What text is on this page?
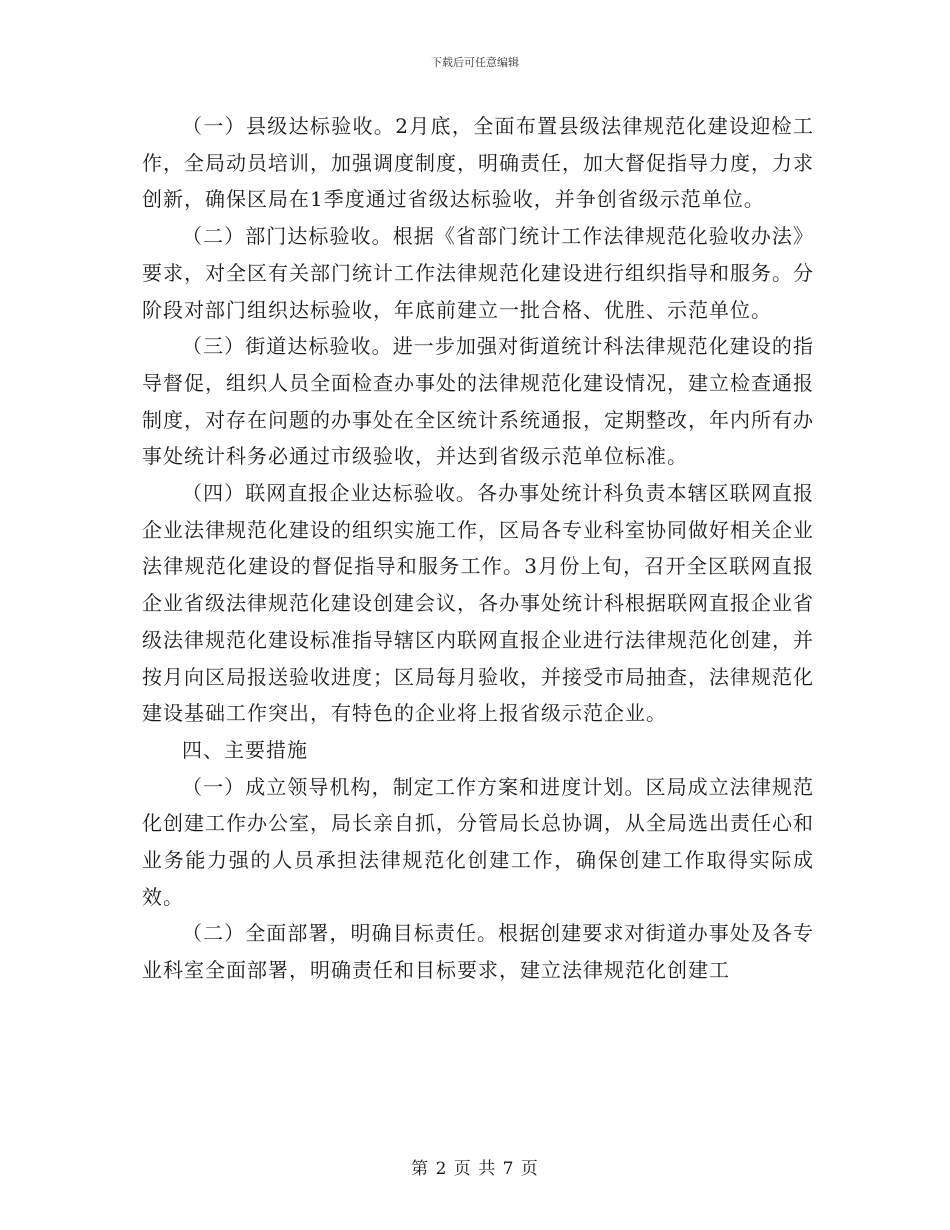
下载后可任意编辑

（一）县级达标验收。2月底，全面布置县级法律规范化建设迎检工作，全局动员培训，加强调度制度，明确责任，加大督促指导力度，力求创新，确保区局在1季度通过省级达标验收，并争创省级示范单位。

（二）部门达标验收。根据《省部门统计工作法律规范化验收办法》要求，对全区有关部门统计工作法律规范化建设进行组织指导和服务。分阶段对部门组织达标验收，年底前建立一批合格、优胜、示范单位。

（三）街道达标验收。进一步加强对街道统计科法律规范化建设的指导督促，组织人员全面检查办事处的法律规范化建设情况，建立检查通报制度，对存在问题的办事处在全区统计系统通报，定期整改，年内所有办事处统计科务必通过市级验收，并达到省级示范单位标准。

（四）联网直报企业达标验收。各办事处统计科负责本辖区联网直报企业法律规范化建设的组织实施工作，区局各专业科室协同做好相关企业法律规范化建设的督促指导和服务工作。3月份上旬，召开全区联网直报企业省级法律规范化建设创建会议，各办事处统计科根据联网直报企业省级法律规范化建设标准指导辖区内联网直报企业进行法律规范化创建，并按月向区局报送验收进度；区局每月验收，并接受市局抽查，法律规范化建设基础工作突出，有特色的企业将上报省级示范企业。

四、主要措施

（一）成立领导机构，制定工作方案和进度计划。区局成立法律规范化创建工作办公室，局长亲自抓，分管局长总协调，从全局选出责任心和业务能力强的人员承担法律规范化创建工作，确保创建工作取得实际成效。

（二）全面部署，明确目标责任。根据创建要求对街道办事处及各专业科室全面部署，明确责任和目标要求，建立法律规范化创建工

第 2 页 共 7 页
